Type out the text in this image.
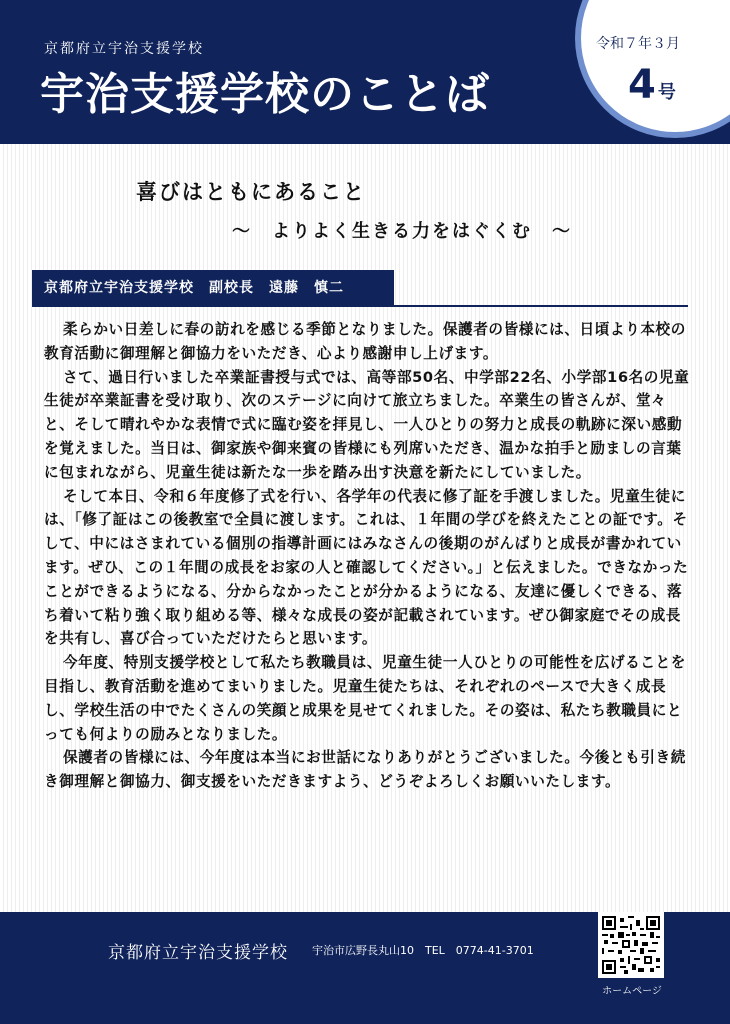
京都府立宇治支援学校
宇治支援学校のことば
令和７年３月
4 号
喜びはともにあること
～　よりよく生きる力をはぐくむ　～
京都府立宇治支援学校　副校長　遠藤　慎二

柔らかい日差しに春の訪れを感じる季節となりました。保護者の皆様には、日頃より本校の教育活動に御理解と御協力をいただき、心より感謝申し上げます。

さて、過日行いました卒業証書授与式では、高等部50名、中学部22名、小学部16名の児童生徒が卒業証書を受け取り、次のステージに向けて旅立ちました。卒業生の皆さんが、堂々と、そして晴れやかな表情で式に臨む姿を拝見し、一人ひとりの努力と成長の軌跡に深い感動を覚えました。当日は、御家族や御来賓の皆様にも列席いただき、温かな拍手と励ましの言葉に包まれながら、児童生徒は新たな一歩を踏み出す決意を新たにしていました。

そして本日、令和６年度修了式を行い、各学年の代表に修了証を手渡しました。児童生徒には、「修了証はこの後教室で全員に渡します。これは、１年間の学びを終えたことの証です。そして、中にはさまれている個別の指導計画にはみなさんの後期のがんばりと成長が書かれています。ぜひ、この１年間の成長をお家の人と確認してください。」と伝えました。できなかったことができるようになる、分からなかったことが分かるようになる、友達に優しくできる、落ち着いて粘り強く取り組める等、様々な成長の姿が記載されています。ぜひ御家庭でその成長を共有し、喜び合っていただけたらと思います。

今年度、特別支援学校として私たち教職員は、児童生徒一人ひとりの可能性を広げることを目指し、教育活動を進めてまいりました。児童生徒たちは、それぞれのペースで大きく成長し、学校生活の中でたくさんの笑顔と成果を見せてくれました。その姿は、私たち教職員にとっても何よりの励みとなりました。

保護者の皆様には、今年度は本当にお世話になりありがとうございました。今後とも引き続き御理解と御協力、御支援をいただきますよう、どうぞよろしくお願いいたします。

京都府立宇治支援学校 宇治市広野長丸山10　TEL　0774-41-3701
ホームページ
